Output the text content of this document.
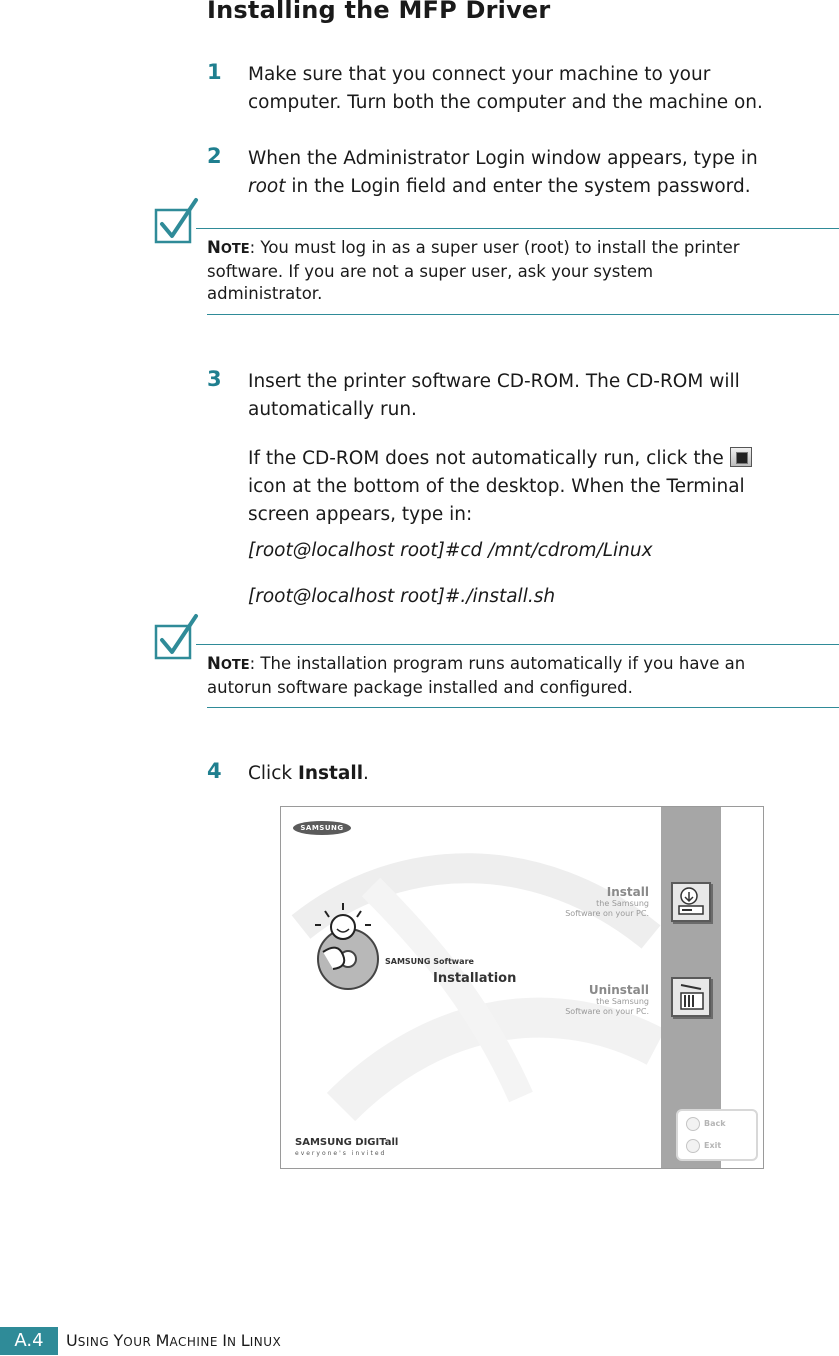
Installing the MFP Driver
1 Make sure that you connect your machine to your
computer. Turn both the computer and the machine on.
2 When the Administrator Login window appears, type in
root in the Login field and enter the system password.
NOTE: You must log in as a super user (root) to install the printer
software. If you are not a super user, ask your system
administrator.
3 Insert the printer software CD-ROM. The CD-ROM will
automatically run.
If the CD-ROM does not automatically run, click the
icon at the bottom of the desktop. When the Terminal
screen appears, type in:
[root@localhost root]#cd /mnt/cdrom/Linux
[root@localhost root]#./install.sh
NOTE: The installation program runs automatically if you have an
autorun software package installed and configured.
4 Click Install.
SAMSUNG
SAMSUNG Software
Installation
Install
the Samsung
Software on your PC.
Uninstall
the Samsung
Software on your PC.
Back
Exit
SAMSUNG DIGITall
everyone's invited
A.4	USING YOUR MACHINE IN LINUX
